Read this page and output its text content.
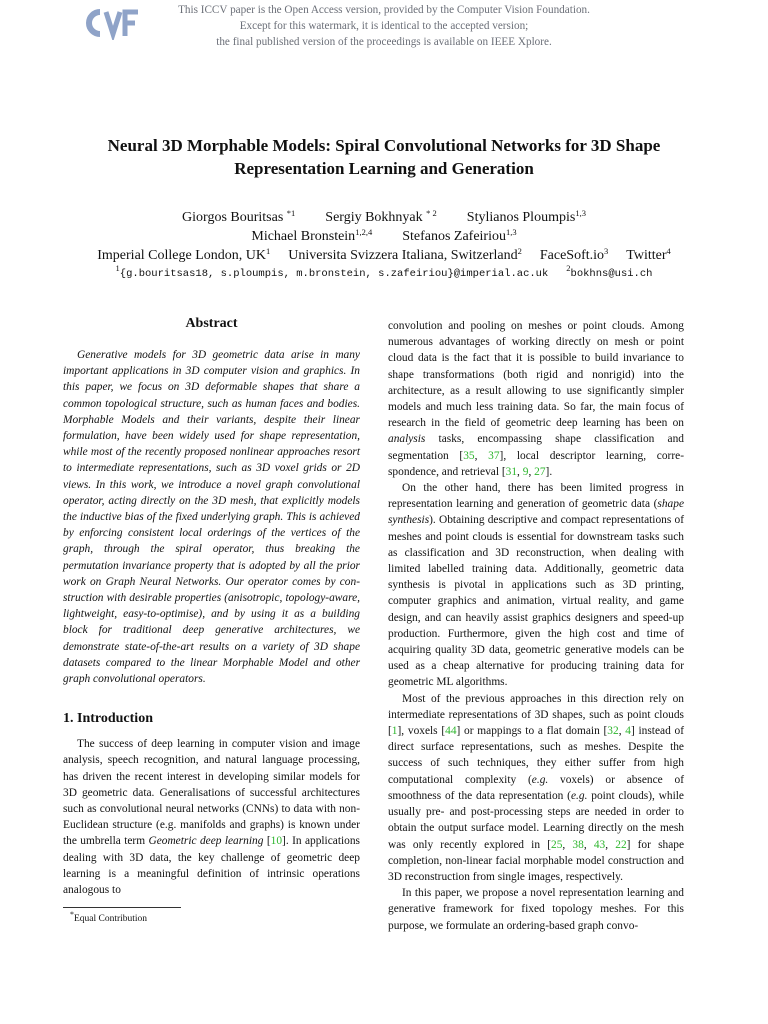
This ICCV paper is the Open Access version, provided by the Computer Vision Foundation.
Except for this watermark, it is identical to the accepted version;
the final published version of the proceedings is available on IEEE Xplore.
Neural 3D Morphable Models: Spiral Convolutional Networks for 3D Shape
Representation Learning and Generation
Giorgos Bouritsas $^{*1}$ Sergiy Bokhnyak $^{* 2}$ Stylianos Ploumpis$^{1,3}$
Michael Bronstein$^{1,2,4}$ Stefanos Zafeiriou$^{1,3}$
Imperial College London, $UK^1$ Universita Svizzera Italiana, Switzerland$^2$ $FaceSoft.io^3$ Twitter$^4$
$^1${g.bouritsas18, s.ploumpis, m.bronstein, s.zafeiriou}@imperial.ac.uk $^2$bokhns@usi.ch
Abstract

Generative models for 3D geometric data arise in many important applications in 3D computer vision and graphics. In this paper, we focus on 3D deformable shapes that share a common topological structure, such as human faces and bodies. Morphable Models and their variants, despite their linear formulation, have been widely used for shape representation, while most of the recently proposed nonlinear approaches resort to intermediate representations, such as 3D voxel grids or 2D views. In this work, we introduce a novel graph convolutional operator, acting directly on the 3D mesh, that explicitly models the inductive bias of the fixed underlying graph. This is achieved by enforcing consistent local orderings of the vertices of the graph, through the spiral operator, thus breaking the permutation invariance property that is adopted by all the prior work on Graph Neural Networks. Our operator comes by construction with desirable properties (anisotropic, topology-aware, lightweight, easy-to-optimise), and by using it as a building block for traditional deep generative architectures, we demonstrate state-of-the-art results on a variety of 3D shape datasets compared to the linear Morphable Model and other graph convolutional operators.

1. Introduction

The success of deep learning in computer vision and image analysis, speech recognition, and natural language processing, has driven the recent interest in developing similar models for 3D geometric data. Generalisations of successful architectures such as convolutional neural networks (CNNs) to data with non-Euclidean structure (e.g. manifolds and graphs) is known under the umbrella term Geometric deep learning [10]. In applications dealing with 3D data, the key challenge of geometric deep learning is a meaningful definition of intrinsic operations analogous to

convolution and pooling on meshes or point clouds. Among numerous advantages of working directly on mesh or point cloud data is the fact that it is possible to build invariance to shape transformations (both rigid and nonrigid) into the architecture, as a result allowing to use significantly simpler models and much less training data. So far, the main focus of research in the field of geometric deep learning has been on analysis tasks, encompassing shape classification and segmentation [35, 37], local descriptor learning, correspondence, and retrieval [31, 9, 27].

On the other hand, there has been limited progress in representation learning and generation of geometric data (shape synthesis). Obtaining descriptive and compact representations of meshes and point clouds is essential for downstream tasks such as classification and 3D reconstruction, when dealing with limited labelled training data. Additionally, geometric data synthesis is pivotal in applications such as 3D printing, computer graphics and animation, virtual reality, and game design, and can heavily assist graphics designers and speed-up production. Furthermore, given the high cost and time of acquiring quality 3D data, geometric generative models can be used as a cheap alternative for producing training data for geometric ML algorithms.

Most of the previous approaches in this direction rely on intermediate representations of 3D shapes, such as point clouds [1], voxels [44] or mappings to a flat domain [32, 4] instead of direct surface representations, such as meshes. Despite the success of such techniques, they either suffer from high computational complexity (e.g. voxels) or absence of smoothness of the data representation (e.g. point clouds), while usually pre- and post-processing steps are needed in order to obtain the output surface model. Learning directly on the mesh was only recently explored in [25, 38, 43, 22] for shape completion, non-linear facial morphable model construction and 3D reconstruction from single images, respectively.

In this paper, we propose a novel representation learning and generative framework for fixed topology meshes. For this purpose, we formulate an ordering-based graph convo-

*Equal Contribution
